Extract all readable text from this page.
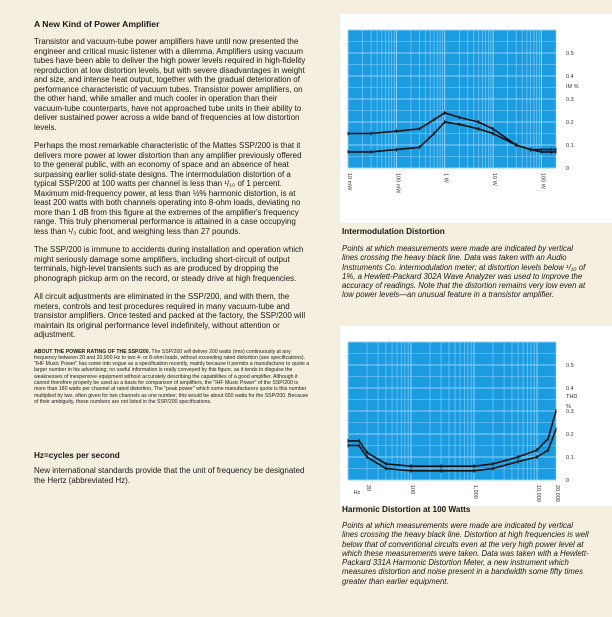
A New Kind of Power Amplifier

Transistor and vacuum-tube power amplifiers have until now presented the engineer and critical music listener with a dilemma. Amplifiers using vacuum tubes have been able to deliver the high power levels required in high-fidelity reproduction at low distortion levels, but with severe disadvantages in weight and size, and intense heat output, together with the gradual deterioration of performance characteristic of vacuum tubes. Transistor power amplifiers, on the other hand, while smaller and much cooler in operation than their vacuum-tube counterparts, have not approached tube units in their ability to deliver sustained power across a wide band of frequencies at low distortion levels.

Perhaps the most remarkable characteristic of the Mattes SSP/200 is that it delivers more power at lower distortion than any amplifier previously offered to the general public, with an economy of space and an absence of heat surpassing earlier solid-state designs. The intermodulation distortion of a typical SSP/200 at 100 watts per channel is less than ¹/₁₀ of 1 percent. Maximum mid-frequency power, at less than ½% harmonic distortion, is at least 200 watts with both channels operating into 8-ohm loads, deviating no more than 1 dB from this figure at the extremes of the amplifier's frequency range. This truly phenomenal performance is attained in a case occupying less than ¹/₃ cubic foot, and weighing less than 27 pounds.

The SSP/200 is immune to accidents during installation and operation which might seriously damage some amplifiers, including short-circuit of output terminals, high-level transients such as are produced by dropping the phonograph pickup arm on the record, or steady drive at high frequencies.

All circuit adjustments are eliminated in the SSP/200, and with them, the meters, controls and test procedures required in many vacuum-tube and transistor amplifiers. Once tested and packed at the factory, the SSP/200 will maintain its original performance level indefinitely, without attention or adjustment.

ABOUT THE POWER RATING OF THE SSP/200. The SSP/200 will deliver 200 watts (rms) continuously at any frequency between 20 and 20,000 Hz to two 4- or 8-ohm loads, without exceeding rated distortion (see specifications). "IHF Music Power" has come into vogue as a specification recently, mainly because it permits a manufacturer to quote a larger number in his advertising; no useful information is really conveyed by this figure, as it tends to disguise the weaknesses of inexpensive equipment without accurately describing the capabilities of a good amplifier. Although it cannot therefore properly be used as a basis for comparison of amplifiers, the "IHF Music Power" of the SSP/200 is more than 180 watts per channel at rated distortion. The "peak power" which some manufacturers quote is this number multiplied by two, often given for two channels as one number; this would be about 650 watts for the SSP/200. Because of their ambiguity, these numbers are not listed in the SSP/200 specifications.

Hz=cycles per second

New international standards provide that the unit of frequency be designated the Hertz (abbreviated Hz).

0.5
0.4
0.3
0.2
0.1
0
IM %
10 mW	100 mW	1 W	10 W	100 W
Intermodulation Distortion
Points at which measurements were made are indicated by vertical lines crossing the heavy black line. Data was taken with an Audio Instruments Co. intermodulation meter; at distortion levels below ¹/₁₀ of 1%, a Hewlett-Packard 302A Wave Analyzer was used to improve the accuracy of readings. Note that the distortion remains very low even at low power levels—an unusual feature in a transistor amplifier.
0.5
0.4
0.3
0.2
0.1
0
THD
%
Hz
20	100	1,000	10,000 20,000
Harmonic Distortion at 100 Watts
Points at which measurements were made are indicated by vertical lines crossing the heavy black line. Distortion at high frequencies is well below that of conventional circuits even at the very high power level at which these measurements were taken. Data was taken with a Hewlett-Packard 331A Harmonic Distortion Meter, a new instrument which measures distortion and noise present in a bandwidth some fifty times greater than earlier equipment.
